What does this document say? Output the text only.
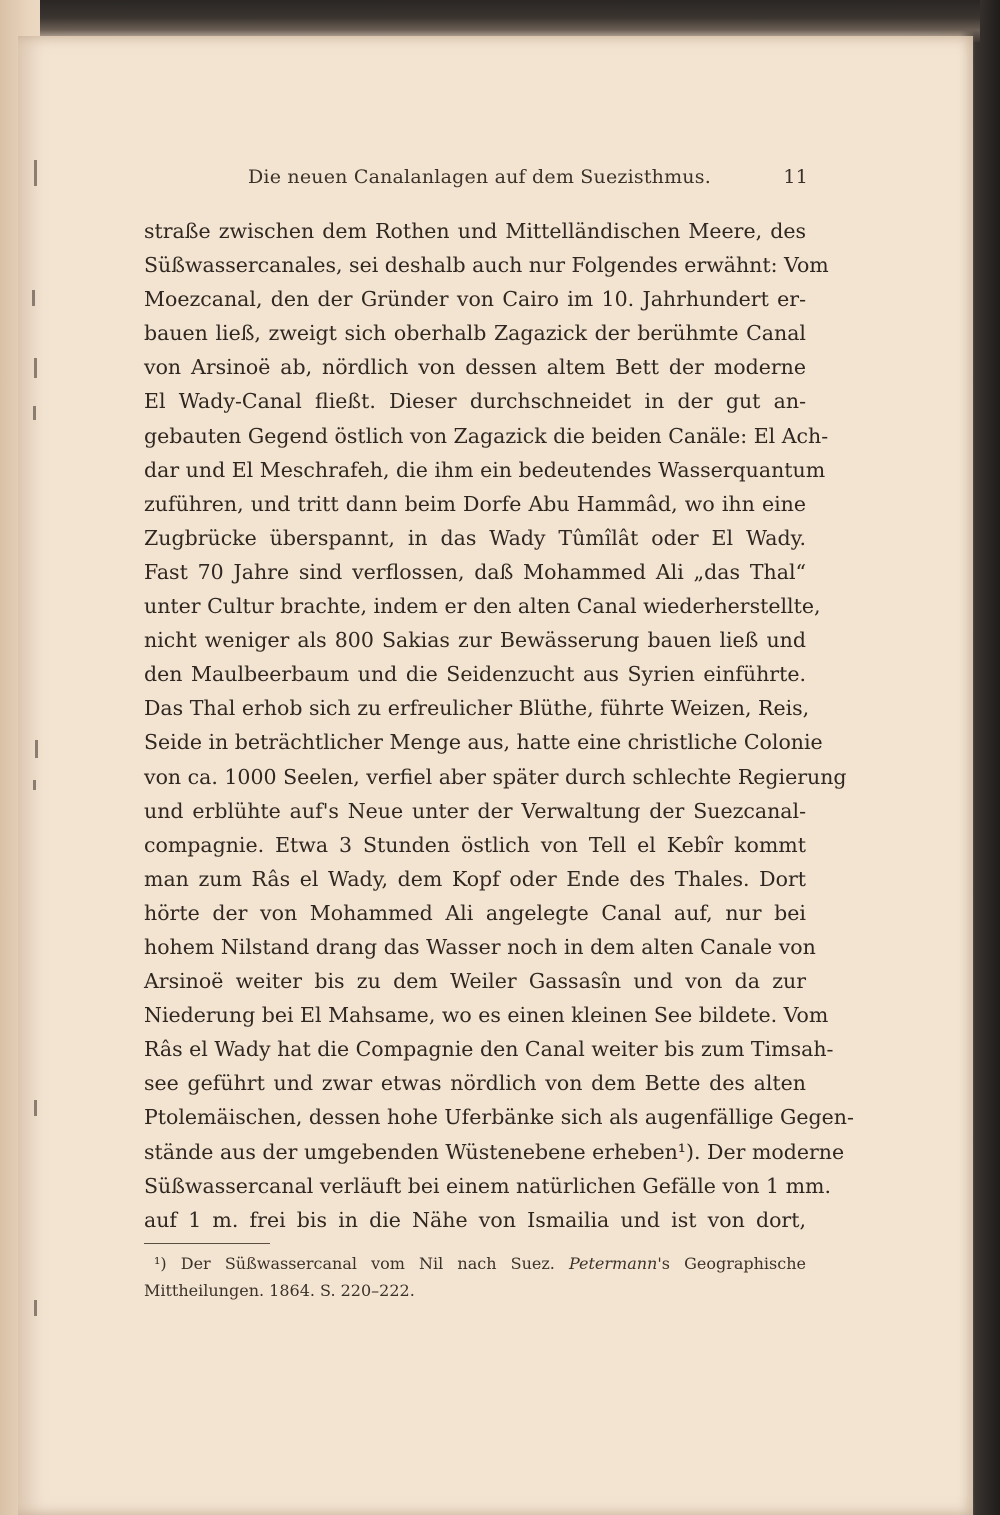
Die neuen Canalanlagen auf dem Suezisthmus.	11
straße zwischen dem Rothen und Mittelländischen Meere, des
Süßwassercanales, sei deshalb auch nur Folgendes erwähnt: Vom
Moezcanal, den der Gründer von Cairo im 10. Jahrhundert er-
bauen ließ, zweigt sich oberhalb Zagazick der berühmte Canal
von Arsinoë ab, nördlich von dessen altem Bett der moderne
El Wady-Canal fließt. Dieser durchschneidet in der gut an-
gebauten Gegend östlich von Zagazick die beiden Canäle: El Ach-
dar und El Meschrafeh, die ihm ein bedeutendes Wasserquantum
zuführen, und tritt dann beim Dorfe Abu Hammâd, wo ihn eine
Zugbrücke überspannt, in das Wady Tûmîlât oder El Wady.
Fast 70 Jahre sind verflossen, daß Mohammed Ali „das Thal“
unter Cultur brachte, indem er den alten Canal wiederherstellte,
nicht weniger als 800 Sakias zur Bewässerung bauen ließ und
den Maulbeerbaum und die Seidenzucht aus Syrien einführte.
Das Thal erhob sich zu erfreulicher Blüthe, führte Weizen, Reis,
Seide in beträchtlicher Menge aus, hatte eine christliche Colonie
von ca. 1000 Seelen, verfiel aber später durch schlechte Regierung
und erblühte auf's Neue unter der Verwaltung der Suezcanal-
compagnie. Etwa 3 Stunden östlich von Tell el Kebîr kommt
man zum Râs el Wady, dem Kopf oder Ende des Thales. Dort
hörte der von Mohammed Ali angelegte Canal auf, nur bei
hohem Nilstand drang das Wasser noch in dem alten Canale von
Arsinoë weiter bis zu dem Weiler Gassasîn und von da zur
Niederung bei El Mahsame, wo es einen kleinen See bildete. Vom
Râs el Wady hat die Compagnie den Canal weiter bis zum Timsah-
see geführt und zwar etwas nördlich von dem Bette des alten
Ptolemäischen, dessen hohe Uferbänke sich als augenfällige Gegen-
stände aus der umgebenden Wüstenebene erheben¹). Der moderne
Süßwassercanal verläuft bei einem natürlichen Gefälle von 1 mm.
auf 1 m. frei bis in die Nähe von Ismailia und ist von dort,
¹) Der Süßwassercanal vom Nil nach Suez. Petermann's Geographische
Mittheilungen. 1864. S. 220–222.
